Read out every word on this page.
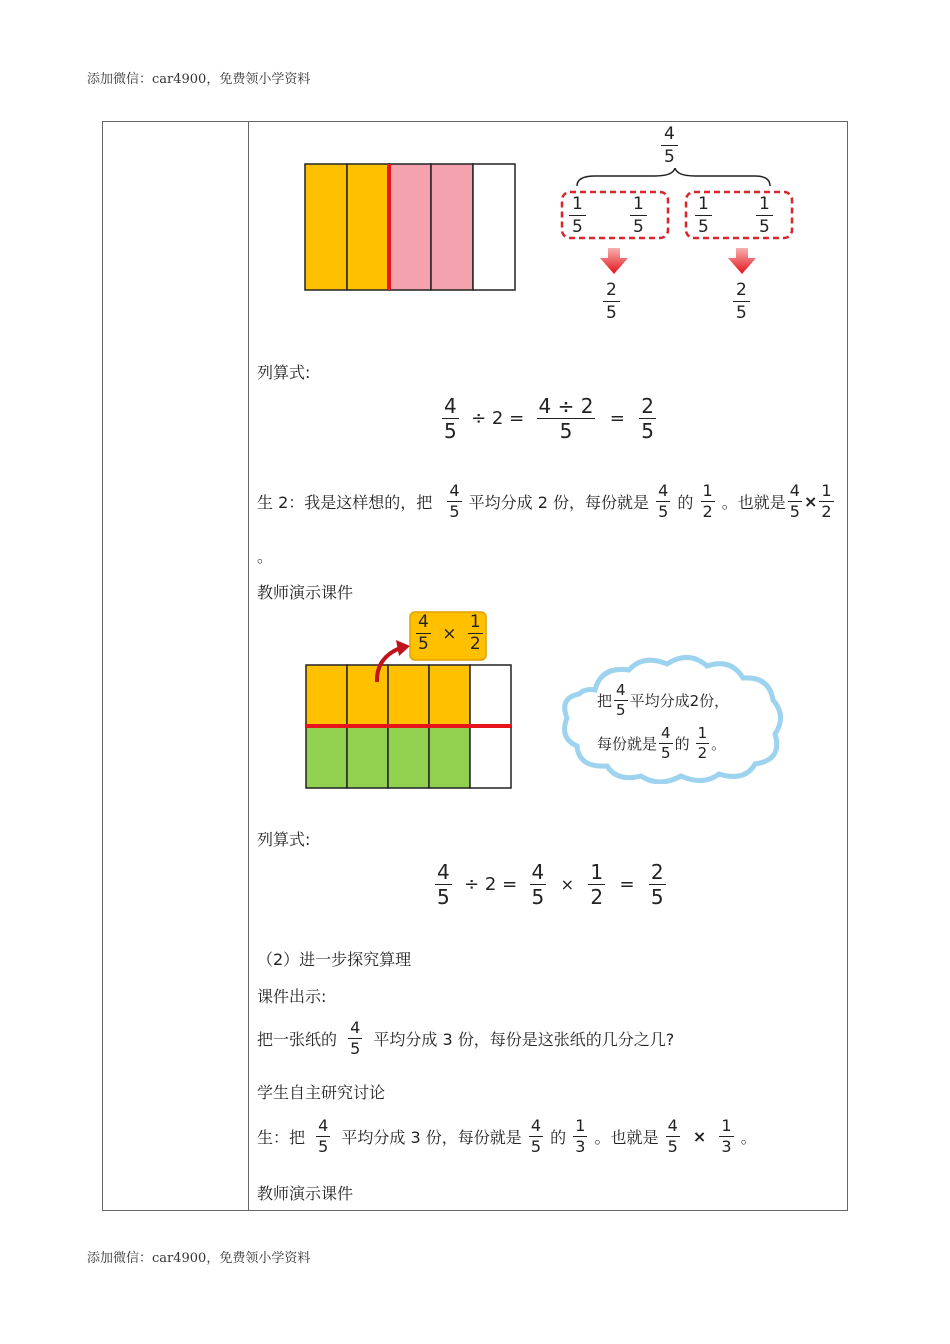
添加微信：car4900，免费领小学资料
4
5
1
5
1
5
1
5
1
5
2
5
2
5
列算式:
$\frac{4}{5} \div 2 = \frac{4 \div 2}{5} = \frac{2}{5}$
生 2：我是这样想的，把 $\frac{4}{5}$ 平均分成 2 份，每份就是 $\frac{4}{5}$ 的 $\frac{1}{2}$ 。也就是 $\frac{4}{5} \times \frac{1}{2}$
。
教师演示课件
$\frac{4}{5} \times \frac{1}{2}$
把 $\frac{4}{5}$ 平均分成2份，
每份就是 $\frac{4}{5}$ 的 $\frac{1}{2}$ 。
列算式:
$\frac{4}{5} \div 2 = \frac{4}{5} \times \frac{1}{2} = \frac{2}{5}$
（2）进一步探究算理
课件出示:
把一张纸的 $\frac{4}{5}$ 平均分成 3 份，每份是这张纸的几分之几?
学生自主研究讨论
生：把 $\frac{4}{5}$ 平均分成 3 份，每份就是 $\frac{4}{5}$ 的 $\frac{1}{3}$ 。也就是 $\frac{4}{5} \times \frac{1}{3}$ 。
教师演示课件
添加微信：car4900，免费领小学资料
